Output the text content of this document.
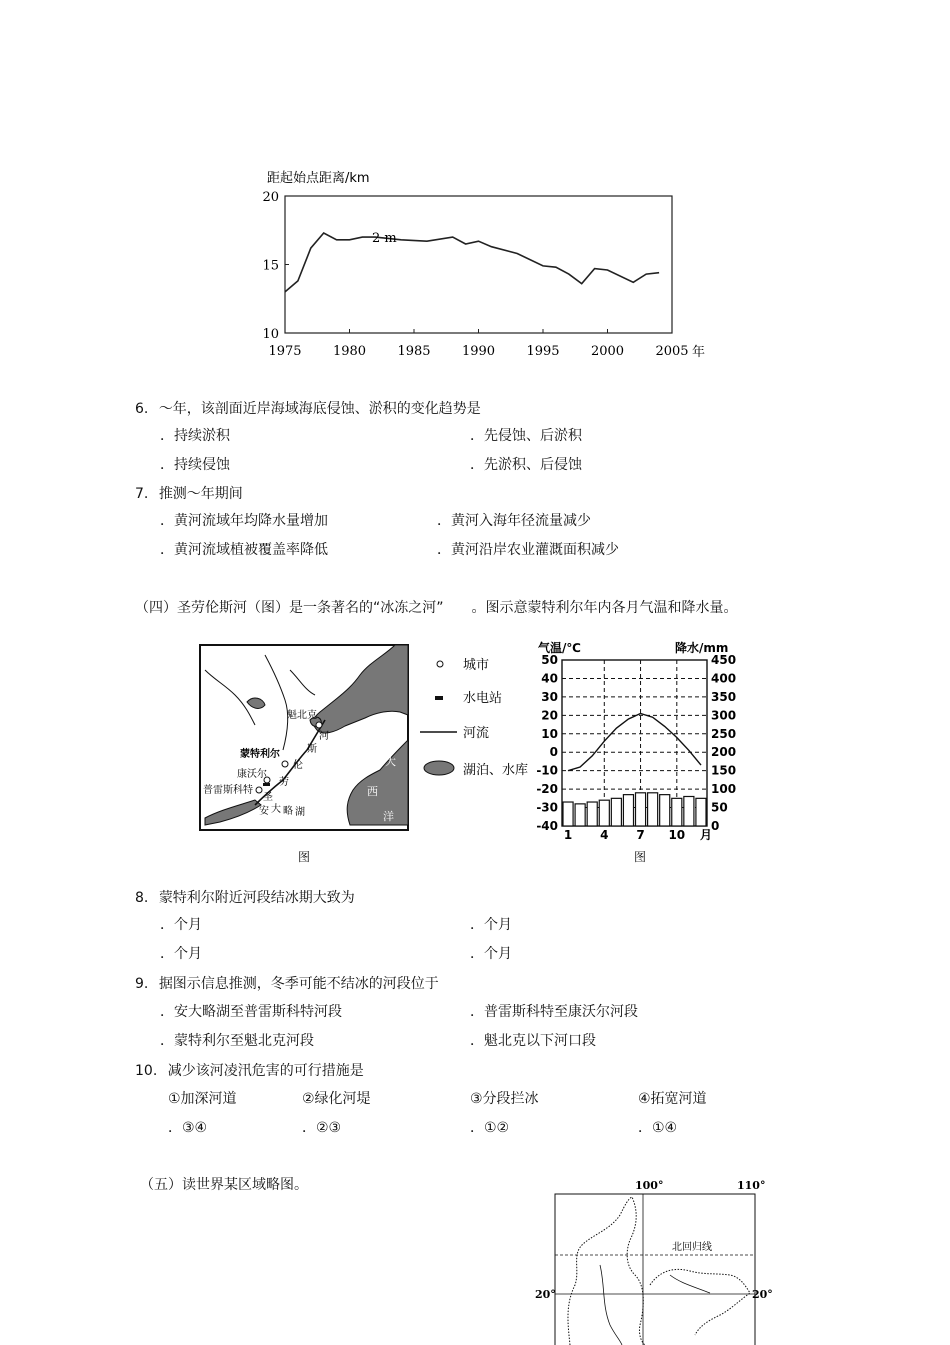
距起始点距离/km
10
15
20
1975 1980 1985 1990 1995 2000 2005
2 m
年
6. ～年，该剖面近岸海域海底侵蚀、淤积的变化趋势是
．持续淤积	．先侵蚀、后淤积
．持续侵蚀	．先淤积、后侵蚀
7. 推测～年期间
．黄河流域年均降水量增加	．黄河入海年径流量减少
．黄河流域植被覆盖率降低	．黄河沿岸农业灌溉面积减少
（四）圣劳伦斯河（图）是一条著名的“冰冻之河”　　。图示意蒙特利尔年内各月气温和降水量。
魁北克
蒙特利尔
康沃尔
普雷斯科特
河
斯
伦
劳
圣
安 大 略 湖
大
西
洋
城市
水电站
河流
湖泊、水库
图
气温/℃	降水/mm
50
40
30
20
10
0
-10
-20
-30
-40
450
400
350
300
250
200
150
100
50
0
1 4 7 10 月
图
8. 蒙特利尔附近河段结冰期大致为
．个月	．个月
．个月	．个月
9. 据图示信息推测，冬季可能不结冰的河段位于
．安大略湖至普雷斯科特河段	．普雷斯科特至康沃尔河段
．蒙特利尔至魁北克河段	．魁北克以下河口段
10. 减少该河凌汛危害的可行措施是
①加深河道	②绿化河堤	③分段拦冰	④拓宽河道
．③④	．②③	．①②	．①④
（五）读世界某区域略图。	100°	110°
北回归线
20°	20°
